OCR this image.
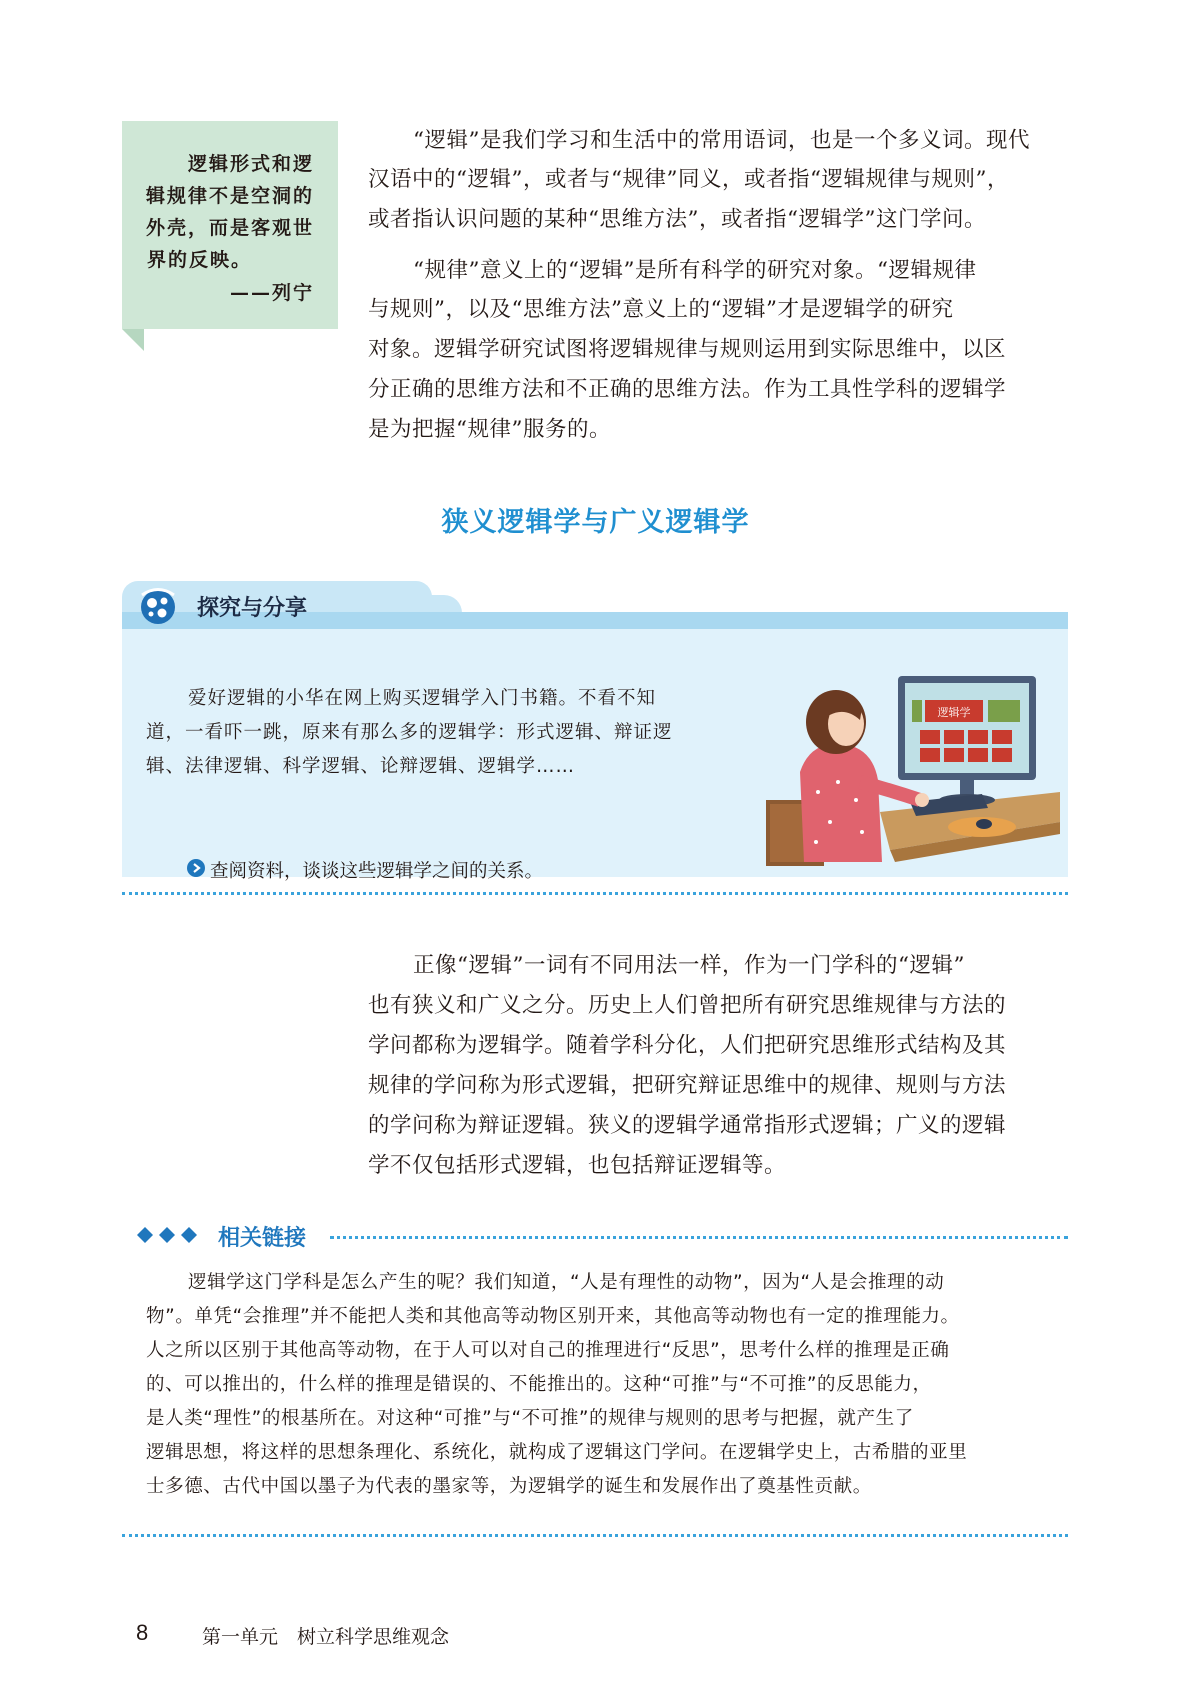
逻辑形式和逻
辑规律不是空洞的
外壳，而是客观世
界的反映。
——列宁
“逻辑”是我们学习和生活中的常用语词，也是一个多义词。现代
汉语中的“逻辑”，或者与“规律”同义，或者指“逻辑规律与规则”，
或者指认识问题的某种“思维方法”，或者指“逻辑学”这门学问。
“规律”意义上的“逻辑”是所有科学的研究对象。“逻辑规律
与规则”，以及“思维方法”意义上的“逻辑”才是逻辑学的研究
对象。逻辑学研究试图将逻辑规律与规则运用到实际思维中，以区
分正确的思维方法和不正确的思维方法。作为工具性学科的逻辑学
是为把握“规律”服务的。
狭义逻辑学与广义逻辑学
探究与分享
爱好逻辑的小华在网上购买逻辑学入门书籍。不看不知
道，一看吓一跳，原来有那么多的逻辑学：形式逻辑、辩证逻
辑、法律逻辑、科学逻辑、论辩逻辑、逻辑学……
查阅资料，谈谈这些逻辑学之间的关系。
逻辑学
正像“逻辑”一词有不同用法一样，作为一门学科的“逻辑”
也有狭义和广义之分。历史上人们曾把所有研究思维规律与方法的
学问都称为逻辑学。随着学科分化，人们把研究思维形式结构及其
规律的学问称为形式逻辑，把研究辩证思维中的规律、规则与方法
的学问称为辩证逻辑。狭义的逻辑学通常指形式逻辑；广义的逻辑
学不仅包括形式逻辑，也包括辩证逻辑等。
相关链接
逻辑学这门学科是怎么产生的呢？我们知道，“人是有理性的动物”，因为“人是会推理的动
物”。单凭“会推理”并不能把人类和其他高等动物区别开来，其他高等动物也有一定的推理能力。
人之所以区别于其他高等动物，在于人可以对自己的推理进行“反思”，思考什么样的推理是正确
的、可以推出的，什么样的推理是错误的、不能推出的。这种“可推”与“不可推”的反思能力，
是人类“理性”的根基所在。对这种“可推”与“不可推”的规律与规则的思考与把握，就产生了
逻辑思想，将这样的思想条理化、系统化，就构成了逻辑这门学问。在逻辑学史上，古希腊的亚里
士多德、古代中国以墨子为代表的墨家等，为逻辑学的诞生和发展作出了奠基性贡献。
8	第一单元　树立科学思维观念
